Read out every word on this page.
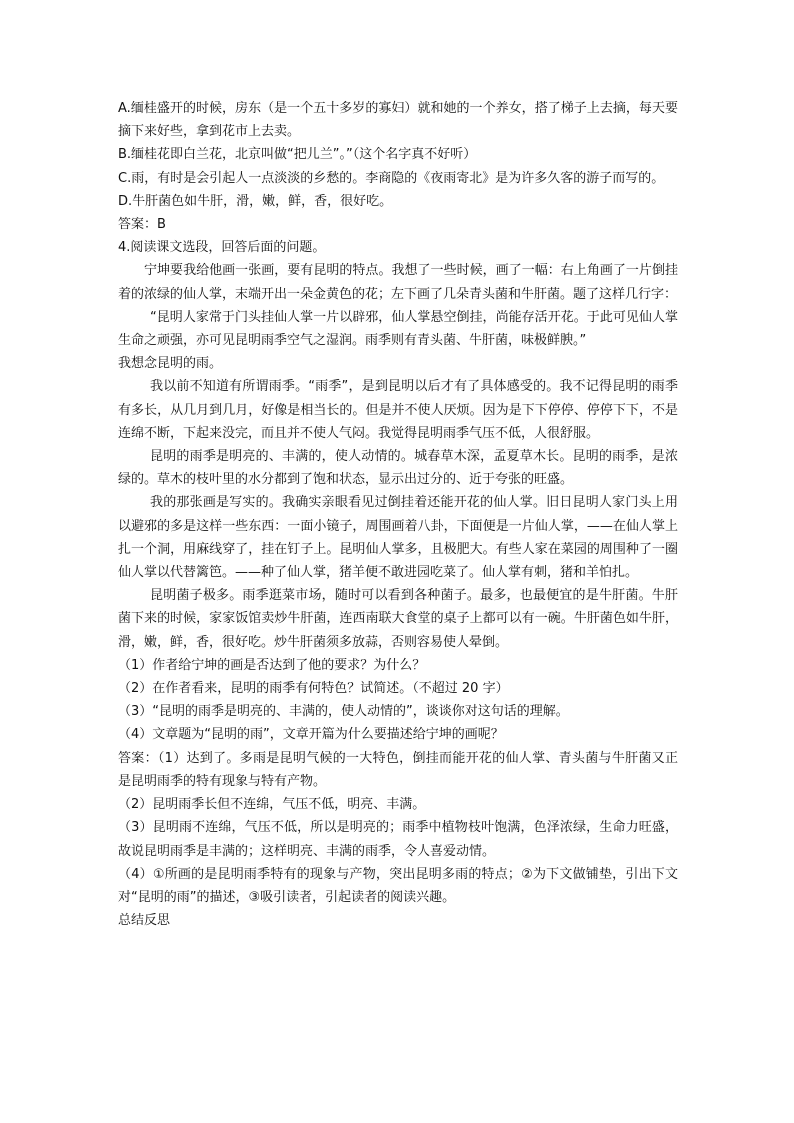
A.缅桂盛开的时候，房东（是一个五十多岁的寡妇）就和她的一个养女，搭了梯子上去摘，每天要摘下来好些，拿到花市上去卖。

B.缅桂花即白兰花，北京叫做“把儿兰”。”（这个名字真不好听）

C.雨，有时是会引起人一点淡淡的乡愁的。李商隐的《夜雨寄北》是为许多久客的游子而写的。

D.牛肝菌色如牛肝，滑，嫩，鲜，香，很好吃。

答案：B

4.阅读课文选段，回答后面的问题。

宁坤要我给他画一张画，要有昆明的特点。我想了一些时候，画了一幅：右上角画了一片倒挂着的浓绿的仙人掌，末端开出一朵金黄色的花；左下画了几朵青头菌和牛肝菌。题了这样几行字：

“昆明人家常于门头挂仙人掌一片以辟邪，仙人掌悬空倒挂，尚能存活开花。于此可见仙人掌生命之顽强，亦可见昆明雨季空气之湿润。雨季则有青头菌、牛肝菌，味极鲜腴。”

我想念昆明的雨。

我以前不知道有所谓雨季。“雨季”，是到昆明以后才有了具体感受的。我不记得昆明的雨季有多长，从几月到几月，好像是相当长的。但是并不使人厌烦。因为是下下停停、停停下下，不是连绵不断，下起来没完，而且并不使人气闷。我觉得昆明雨季气压不低，人很舒服。

昆明的雨季是明亮的、丰满的，使人动情的。城春草木深，孟夏草木长。昆明的雨季，是浓绿的。草木的枝叶里的水分都到了饱和状态，显示出过分的、近于夸张的旺盛。

我的那张画是写实的。我确实亲眼看见过倒挂着还能开花的仙人掌。旧日昆明人家门头上用以避邪的多是这样一些东西：一面小镜子，周围画着八卦，下面便是一片仙人掌，——在仙人掌上扎一个洞，用麻线穿了，挂在钉子上。昆明仙人掌多，且极肥大。有些人家在菜园的周围种了一圈仙人掌以代替篱笆。——种了仙人掌，猪羊便不敢进园吃菜了。仙人掌有刺，猪和羊怕扎。

昆明菌子极多。雨季逛菜市场，随时可以看到各种菌子。最多，也最便宜的是牛肝菌。牛肝菌下来的时候，家家饭馆卖炒牛肝菌，连西南联大食堂的桌子上都可以有一碗。牛肝菌色如牛肝，滑，嫩，鲜，香，很好吃。炒牛肝菌须多放蒜，否则容易使人晕倒。

（1）作者给宁坤的画是否达到了他的要求？为什么？

（2）在作者看来，昆明的雨季有何特色？试简述。（不超过 20 字）

（3）“昆明的雨季是明亮的、丰满的，使人动情的”，谈谈你对这句话的理解。

（4）文章题为“昆明的雨”，文章开篇为什么要描述给宁坤的画呢？

答案：（1）达到了。多雨是昆明气候的一大特色，倒挂而能开花的仙人掌、青头菌与牛肝菌又正是昆明雨季的特有现象与特有产物。

（2）昆明雨季长但不连绵，气压不低，明亮、丰满。

（3）昆明雨不连绵，气压不低，所以是明亮的；雨季中植物枝叶饱满，色泽浓绿，生命力旺盛，故说昆明雨季是丰满的；这样明亮、丰满的雨季，令人喜爱动情。

（4）①所画的是昆明雨季特有的现象与产物，突出昆明多雨的特点；②为下文做铺垫，引出下文对“昆明的雨”的描述，③吸引读者，引起读者的阅读兴趣。

总结反思
